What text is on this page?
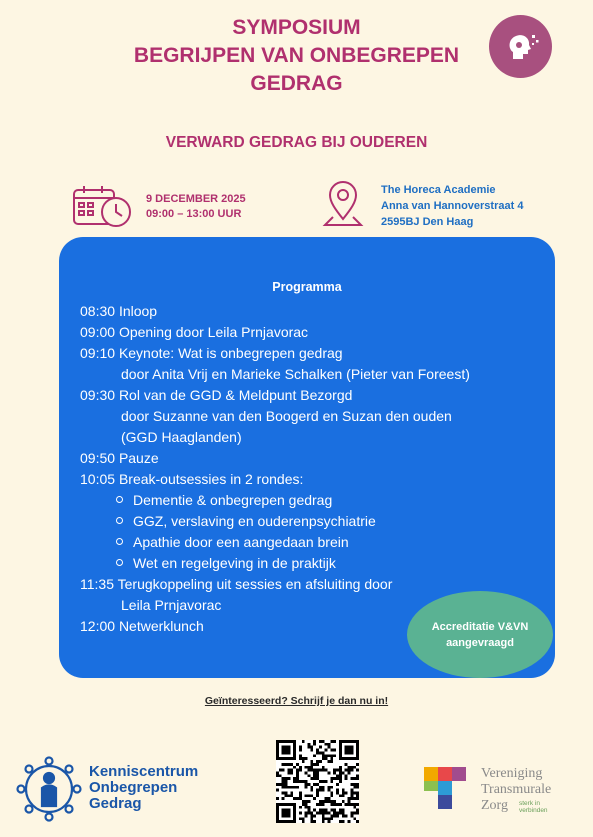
SYMPOSIUM
BEGRIJPEN VAN ONBEGREPEN
GEDRAG
VERWARD GEDRAG BIJ OUDEREN
9 DECEMBER 2025
09:00 – 13:00 UUR
The Horeca Academie
Anna van Hannoverstraat 4
2595BJ Den Haag
Programma
08:30 Inloop
09:00 Opening door Leila Prnjavorac
09:10 Keynote: Wat is onbegrepen gedrag
door Anita Vrij en Marieke Schalken (Pieter van Foreest)
09:30 Rol van de GGD & Meldpunt Bezorgd
door Suzanne van den Boogerd en Suzan den ouden
(GGD Haaglanden)
09:50 Pauze
10:05 Break-outsessies in 2 rondes:
Dementie & onbegrepen gedrag
GGZ, verslaving en ouderenpsychiatrie
Apathie door een aangedaan brein
Wet en regelgeving in de praktijk
11:35 Terugkoppeling uit sessies en afsluiting door
Leila Prnjavorac
12:00 Netwerklunch	Accreditatie V&VN
aangevraagd
Geïnteresseerd? Schrijf je dan nu in!
Kenniscentrum
Onbegrepen
Gedrag
Vereniging
Transmurale
Zorg	sterk in
verbinden
